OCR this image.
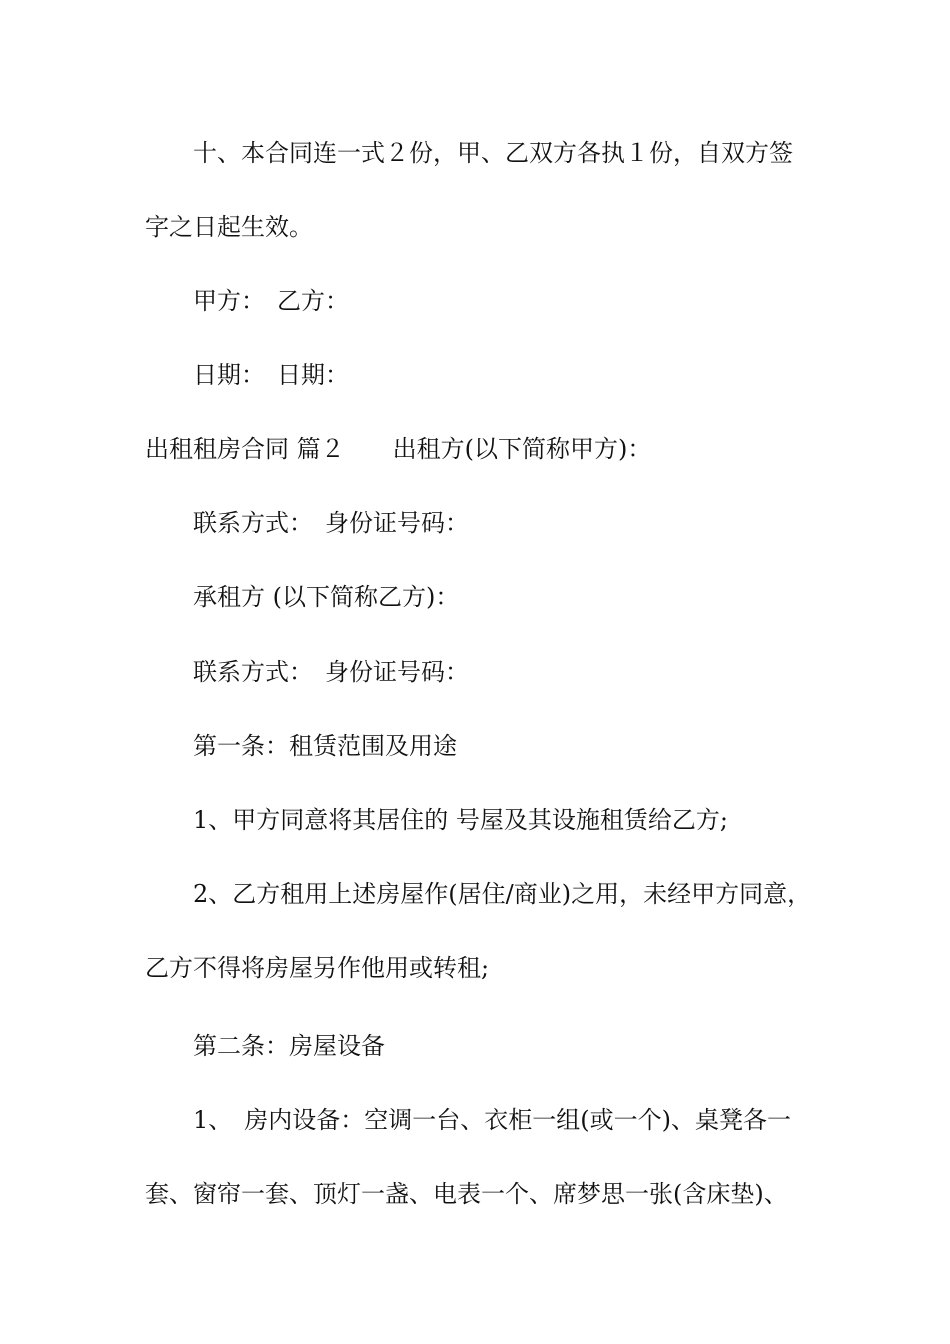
十、本合同连一式２份，甲、乙双方各执１份，自双方签
字之日起生效。
甲方：　乙方：
日期：　日期：
出租租房合同 篇２ 出租方(以下简称甲方)：
联系方式：　身份证号码：
承租方 (以下简称乙方)：
联系方式：　身份证号码：
第一条：租赁范围及用途
1、甲方同意将其居住的 号屋及其设施租赁给乙方;
2、乙方租用上述房屋作(居住/商业)之用，未经甲方同意，
乙方不得将房屋另作他用或转租;
第二条：房屋设备
1、　房内设备：空调一台、衣柜一组(或一个)、桌凳各一
套、窗帘一套、顶灯一盏、电表一个、席梦思一张(含床垫)、
